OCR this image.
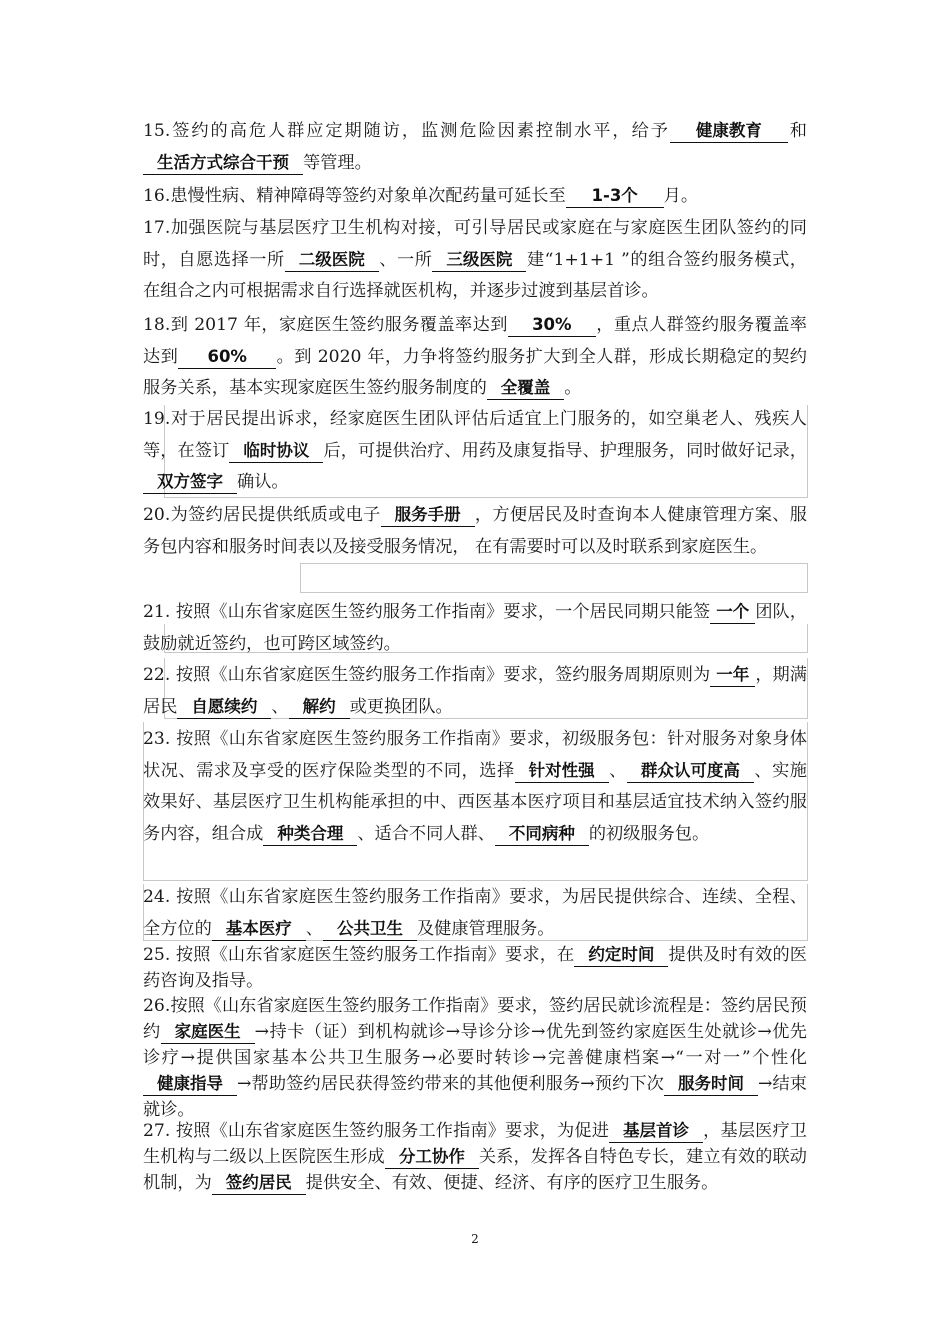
15.签约的高危人群应定期随访，监测危险因素控制水平，给予 健康教育 和生活方式综合干预 等管理。

16.患慢性病、精神障碍等签约对象单次配药量可延长至 1-3个 月。

17.加强医院与基层医疗卫生机构对接，可引导居民或家庭在与家庭医生团队签约的同时，自愿选择一所 二级医院 、一所 三级医院 建“1+1+1 ”的组合签约服务模式，在组合之内可根据需求自行选择就医机构，并逐步过渡到基层首诊。

18.到 2017 年，家庭医生签约服务覆盖率达到 30% ，重点人群签约服务覆盖率达到 60% 。到 2020 年，力争将签约服务扩大到全人群，形成长期稳定的契约服务关系，基本实现家庭医生签约服务制度的 全覆盖 。

19.对于居民提出诉求，经家庭医生团队评估后适宜上门服务的，如空巢老人、残疾人等，在签订 临时协议 后，可提供治疗、用药及康复指导、护理服务，同时做好记录，双方签字 确认。

20.为签约居民提供纸质或电子 服务手册 ，方便居民及时查询本人健康管理方案、服务包内容和服务时间表以及接受服务情况， 在有需要时可以及时联系到家庭医生。

21. 按照《山东省家庭医生签约服务工作指南》要求，一个居民同期只能签 一个 团队，鼓励就近签约，也可跨区域签约。

22. 按照《山东省家庭医生签约服务工作指南》要求，签约服务周期原则为 一年 ，期满居民 自愿续约 、 解约 或更换团队。

23. 按照《山东省家庭医生签约服务工作指南》要求，初级服务包：针对服务对象身体状况、需求及享受的医疗保险类型的不同，选择 针对性强 、 群众认可度高 、实施效果好、基层医疗卫生机构能承担的中、西医基本医疗项目和基层适宜技术纳入签约服务内容，组合成 种类合理 、适合不同人群、 不同病种 的初级服务包。

24. 按照《山东省家庭医生签约服务工作指南》要求，为居民提供综合、连续、全程、全方位的 基本医疗 、 公共卫生 及健康管理服务。

25. 按照《山东省家庭医生签约服务工作指南》要求，在 约定时间 提供及时有效的医药咨询及指导。

26.按照《山东省家庭医生签约服务工作指南》要求，签约居民就诊流程是：签约居民预约 家庭医生 →持卡（证）到机构就诊→导诊分诊→优先到签约家庭医生处就诊→优先诊疗→提供国家基本公共卫生服务→必要时转诊→完善健康档案→“一对一”个性化健康指导 →帮助签约居民获得签约带来的其他便利服务→预约下次 服务时间 →结束就诊。

27. 按照《山东省家庭医生签约服务工作指南》要求，为促进 基层首诊 ，基层医疗卫生机构与二级以上医院医生形成 分工协作 关系，发挥各自特色专长，建立有效的联动机制，为 签约居民 提供安全、有效、便捷、经济、有序的医疗卫生服务。

2
